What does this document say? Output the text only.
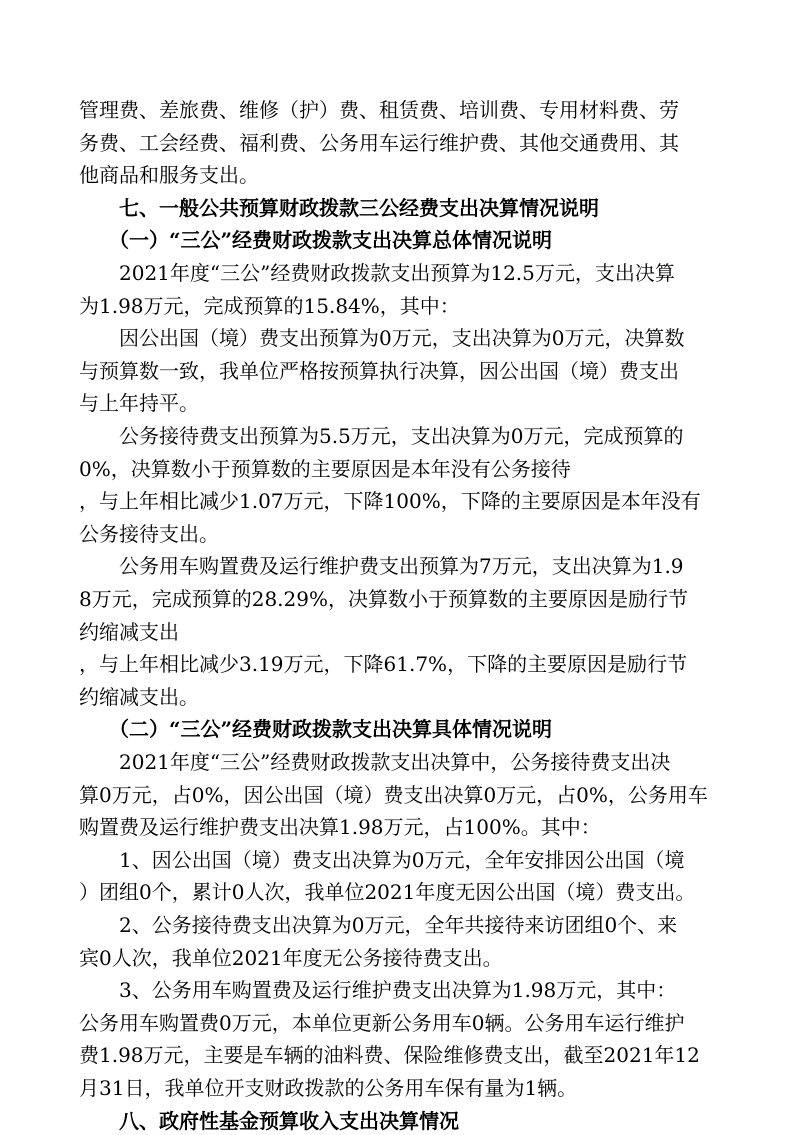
管理费、差旅费、维修（护）费、租赁费、培训费、专用材料费、劳
务费、工会经费、福利费、公务用车运行维护费、其他交通费用、其
他商品和服务支出。
七、一般公共预算财政拨款三公经费支出决算情况说明
（一）“三公”经费财政拨款支出决算总体情况说明
2021年度“三公”经费财政拨款支出预算为12.5万元，支出决算
为1.98万元，完成预算的15.84%，其中：
因公出国（境）费支出预算为0万元，支出决算为0万元，决算数
与预算数一致，我单位严格按预算执行决算，因公出国（境）费支出
与上年持平。
公务接待费支出预算为5.5万元，支出决算为0万元，完成预算的
0%，决算数小于预算数的主要原因是本年没有公务接待
，与上年相比减少1.07万元，下降100%，下降的主要原因是本年没有
公务接待支出。
公务用车购置费及运行维护费支出预算为7万元，支出决算为1.9
8万元，完成预算的28.29%，决算数小于预算数的主要原因是励行节
约缩减支出
，与上年相比减少3.19万元，下降61.7%，下降的主要原因是励行节
约缩减支出。
（二）“三公”经费财政拨款支出决算具体情况说明
2021年度“三公”经费财政拨款支出决算中，公务接待费支出决
算0万元，占0%，因公出国（境）费支出决算0万元，占0%，公务用车
购置费及运行维护费支出决算1.98万元，占100%。其中：
1、因公出国（境）费支出决算为0万元，全年安排因公出国（境
）团组0个，累计0人次，我单位2021年度无因公出国（境）费支出。
2、公务接待费支出决算为0万元，全年共接待来访团组0个、来
宾0人次，我单位2021年度无公务接待费支出。
3、公务用车购置费及运行维护费支出决算为1.98万元，其中：
公务用车购置费0万元，本单位更新公务用车0辆。公务用车运行维护
费1.98万元，主要是车辆的油料费、保险维修费支出，截至2021年12
月31日，我单位开支财政拨款的公务用车保有量为1辆。
八、政府性基金预算收入支出决算情况
